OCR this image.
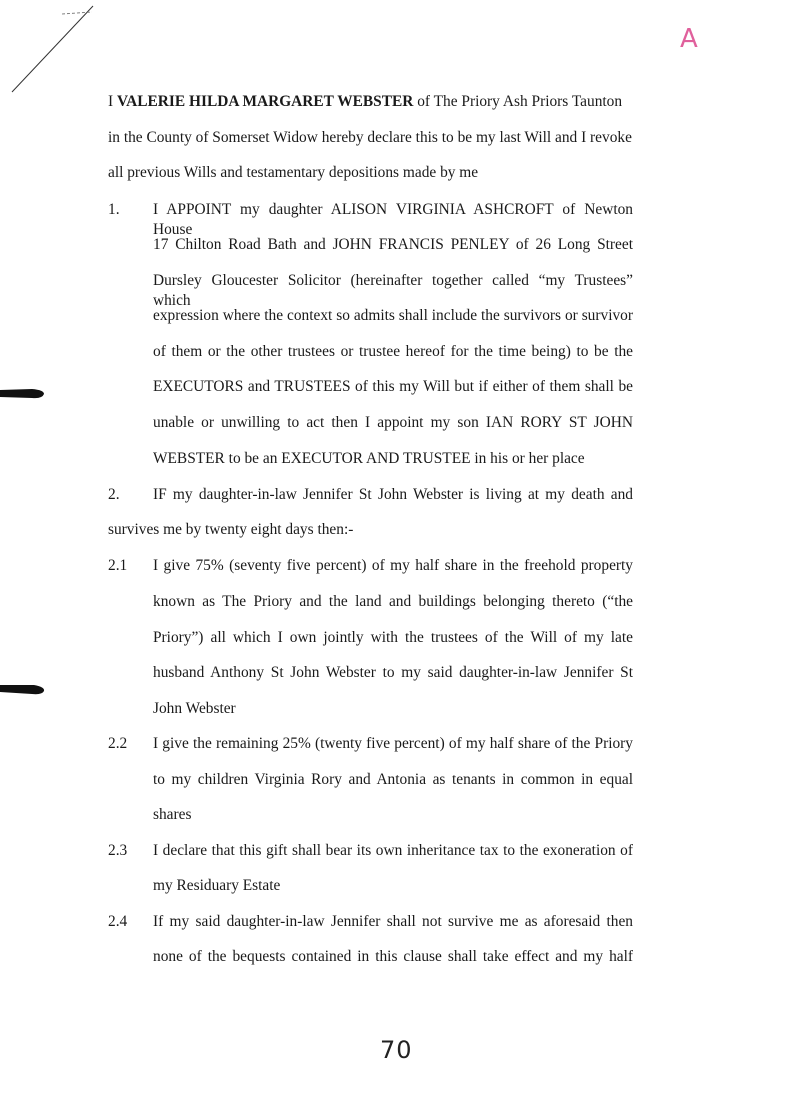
A
I VALERIE HILDA MARGARET WEBSTER of The Priory Ash Priors Taunton
in the County of Somerset Widow hereby declare this to be my last Will and I revoke
all previous Wills and testamentary depositions made by me
1. I APPOINT my daughter ALISON VIRGINIA ASHCROFT of Newton House
17 Chilton Road Bath and JOHN FRANCIS PENLEY of 26 Long Street
Dursley Gloucester Solicitor (hereinafter together called “my Trustees” which
expression where the context so admits shall include the survivors or survivor
of them or the other trustees or trustee hereof for the time being) to be the
EXECUTORS and TRUSTEES of this my Will but if either of them shall be
unable or unwilling to act then I appoint my son IAN RORY ST JOHN
WEBSTER to be an EXECUTOR AND TRUSTEE in his or her place
2. IF my daughter-in-law Jennifer St John Webster is living at my death and
survives me by twenty eight days then:-
2.1 I give 75% (seventy five percent) of my half share in the freehold property
known as The Priory and the land and buildings belonging thereto (“the
Priory”) all which I own jointly with the trustees of the Will of my late
husband Anthony St John Webster to my said daughter-in-law Jennifer St
John Webster
2.2 I give the remaining 25% (twenty five percent) of my half share of the Priory
to my children Virginia Rory and Antonia as tenants in common in equal
shares
2.3 I declare that this gift shall bear its own inheritance tax to the exoneration of
my Residuary Estate
2.4 If my said daughter-in-law Jennifer shall not survive me as aforesaid then
none of the bequests contained in this clause shall take effect and my half
70
